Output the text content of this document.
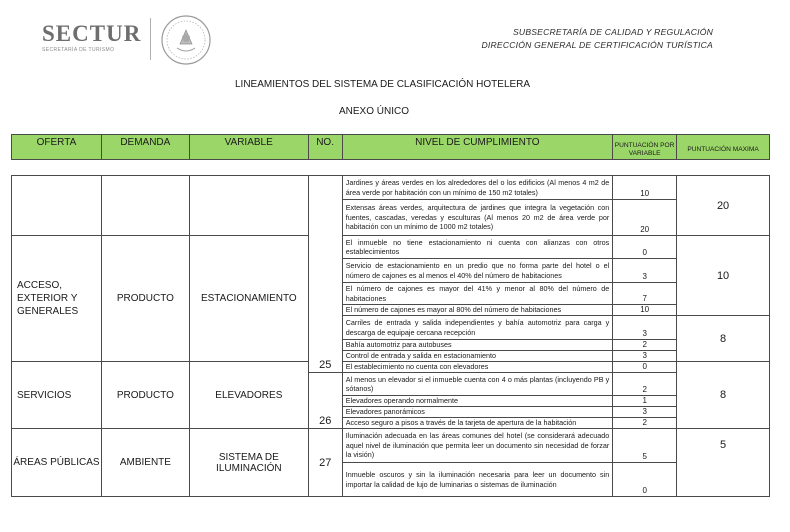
SECTUR
SECRETARÍA DE TURISMO
SUBSECRETARÍA DE CALIDAD Y REGULACIÓN
DIRECCIÓN GENERAL DE CERTIFICACIÓN TURÍSTICA
LINEAMIENTOS DEL SISTEMA DE CLASIFICACIÓN HOTELERA
ANEXO ÚNICO
OFERTA	DEMANDA	VARIABLE	NO.	NIVEL DE CUMPLIMIENTO	PUNTUACIÓN POR VARIABLE	PUNTUACIÓN MAXIMA
			25	Jardines y áreas verdes en los alrededores del o los edificios (Al menos 4 m2 de área verde por habitación con un mínimo de 150 m2 totales)	10	20
				Extensas áreas verdes, arquitectura de jardines que integra la vegetación con fuentes, cascadas, veredas y esculturas (Al menos 20 m2 de área verde por habitación con un mínimo de 1000 m2 totales)	20	
ACCESO, EXTERIOR Y GENERALES	PRODUCTO	ESTACIONAMIENTO		El inmueble no tiene estacionamiento ni cuenta con alianzas con otros establecimientos	0	10
				Servicio de estacionamiento en un predio que no forma parte del hotel o el número de cajones es al menos el 40% del número de habitaciones	3	
				El número de cajones es mayor del 41% y menor al 80% del número de habitaciones	7	
				El número de cajones es mayor al 80% del número de habitaciones	10	
				Carriles de entrada y salida independientes y bahía automotriz para carga y descarga de equipaje cercana recepción	3	8
				Bahía automotriz para autobuses	2	
				Control de entrada y salida en estacionamiento	3	
SERVICIOS	PRODUCTO	ELEVADORES		El establecimiento no cuenta con elevadores	0	8
			26	Al menos un elevador si el inmueble cuenta con 4 o más plantas (incluyendo PB y sótanos)	2	
				Elevadores operando normalmente	1	
				Elevadores panorámicos	3	
				Acceso seguro a pisos a través de la tarjeta de apertura de la habitación	2	
ÁREAS PÚBLICAS	AMBIENTE	SISTEMA DE ILUMINACIÓN	27	Iluminación adecuada en las áreas comunes del hotel (se considerará adecuado aquel nivel de iluminación que permita leer un documento sin necesidad de forzar la visión)	5	5
				Inmueble oscuros y sin la iluminación necesaria para leer un documento sin importar la calidad de lujo de luminarias o sistemas de iluminación	0	
